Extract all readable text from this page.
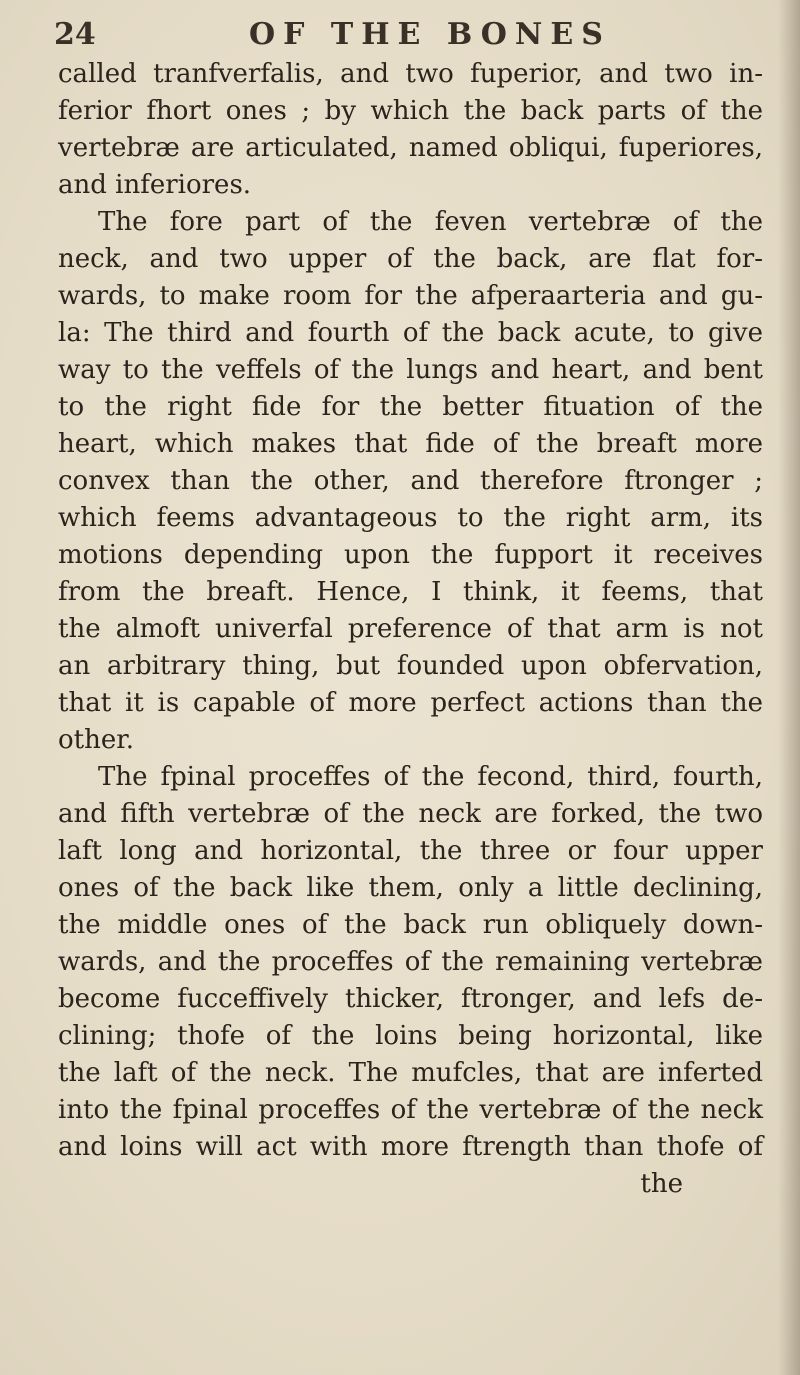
24	OF THE BONES
called tranfverfalis, and two fuperior, and two in-
ferior fhort ones ; by which the back parts of the
vertebræ are articulated, named obliqui, fuperiores,
and inferiores.
The fore part of the feven vertebræ of the
neck, and two upper of the back, are flat for-
wards, to make room for the afperaarteria and gu-
la: The third and fourth of the back acute, to give
way to the veffels of the lungs and heart, and bent
to the right fide for the better fituation of the
heart, which makes that fide of the breaft more
convex than the other, and therefore ftronger ;
which feems advantageous to the right arm, its
motions depending upon the fupport it receives
from the breaft. Hence, I think, it feems, that
the almoft univerfal preference of that arm is not
an arbitrary thing, but founded upon obfervation,
that it is capable of more perfect actions than the
other.
The fpinal proceffes of the fecond, third, fourth,
and fifth vertebræ of the neck are forked, the two
laft long and horizontal, the three or four upper
ones of the back like them, only a little declining,
the middle ones of the back run obliquely down-
wards, and the proceffes of the remaining vertebræ
become fucceffively thicker, ftronger, and lefs de-
clining; thofe of the loins being horizontal, like
the laft of the neck. The mufcles, that are inferted
into the fpinal proceffes of the vertebræ of the neck
and loins will act with more ftrength than thofe of
the
